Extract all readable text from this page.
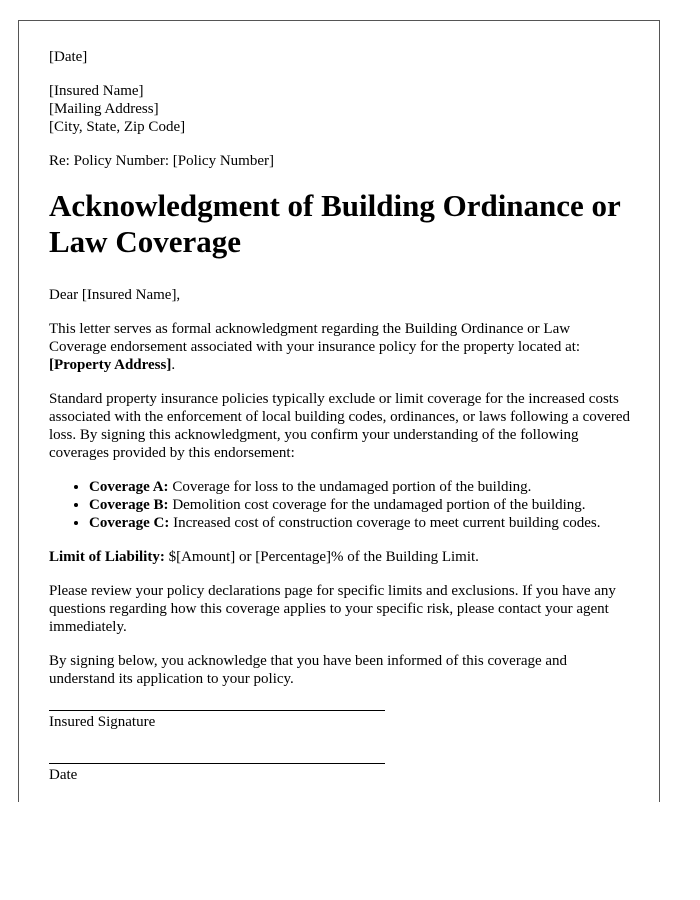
[Date]

[Insured Name]

[Mailing Address]

[City, State, Zip Code]

Re: Policy Number: [Policy Number]

Acknowledgment of Building Ordinance or Law Coverage

Dear [Insured Name],

This letter serves as formal acknowledgment regarding the Building Ordinance or Law Coverage endorsement associated with your insurance policy for the property located at: [Property Address].

Standard property insurance policies typically exclude or limit coverage for the increased costs associated with the enforcement of local building codes, ordinances, or laws following a covered loss. By signing this acknowledgment, you confirm your understanding of the following coverages provided by this endorsement:

• Coverage A: Coverage for loss to the undamaged portion of the building.
• Coverage B: Demolition cost coverage for the undamaged portion of the building.
• Coverage C: Increased cost of construction coverage to meet current building codes.

Limit of Liability: $[Amount] or [Percentage]% of the Building Limit.

Please review your policy declarations page for specific limits and exclusions. If you have any questions regarding how this coverage applies to your specific risk, please contact your agent immediately.

By signing below, you acknowledge that you have been informed of this coverage and understand its application to your policy.

Insured Signature

Date
